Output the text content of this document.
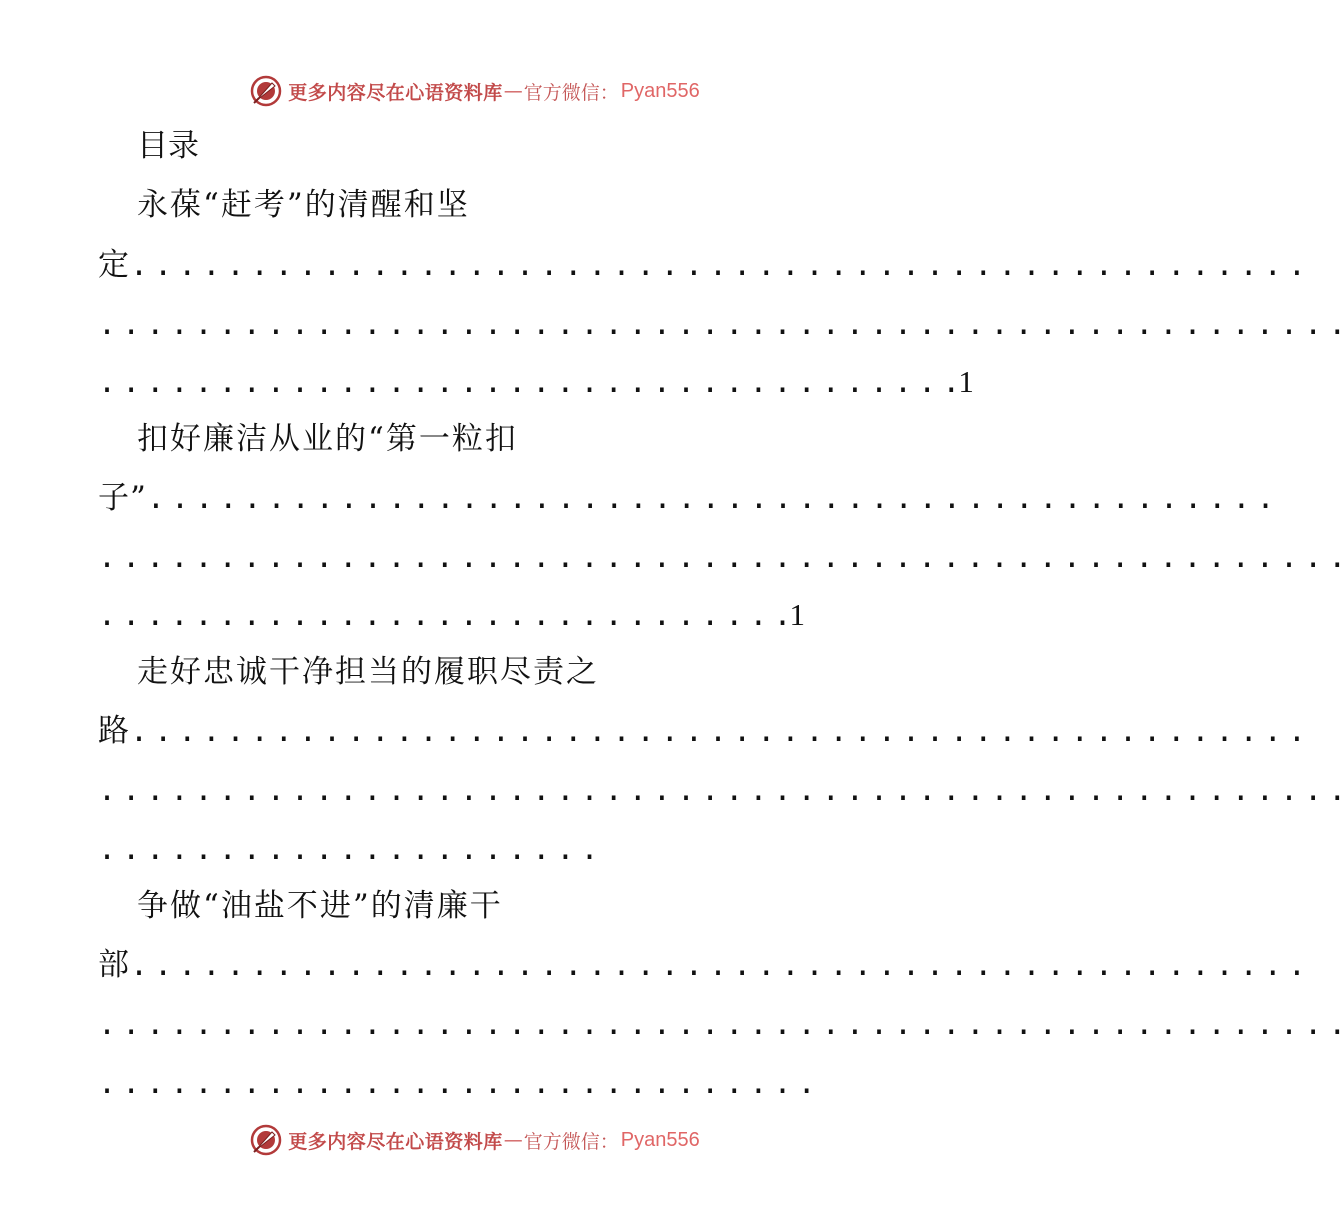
更多内容尽在心语资料库 — 官方微信： Pyan556
目录
永葆“赶考”的清醒和坚
定. . . . . . . . . . . . . . . . . . . . . . . . . . . . . . . . . . . . . . . . . . . . . . . . .
. . . . . . . . . . . . . . . . . . . . . . . . . . . . . . . . . . . . . . . . . . . . . . . . . . . .
. . . . . . . . . . . . . . . . . . . . . . . . . . . . . . . . . . . . 1
扣好廉洁从业的“第一粒扣
子”. . . . . . . . . . . . . . . . . . . . . . . . . . . . . . . . . . . . . . . . . . . . . . .
. . . . . . . . . . . . . . . . . . . . . . . . . . . . . . . . . . . . . . . . . . . . . . . . . . . .
. . . . . . . . . . . . . . . . . . . . . . . . . . . . . 1
走好忠诚干净担当的履职尽责之
路. . . . . . . . . . . . . . . . . . . . . . . . . . . . . . . . . . . . . . . . . . . . . . . . .
. . . . . . . . . . . . . . . . . . . . . . . . . . . . . . . . . . . . . . . . . . . . . . . . . . . .
. . . . . . . . . . . . . . . . . . . . .
争做“油盐不进”的清廉干
部. . . . . . . . . . . . . . . . . . . . . . . . . . . . . . . . . . . . . . . . . . . . . . . . .
. . . . . . . . . . . . . . . . . . . . . . . . . . . . . . . . . . . . . . . . . . . . . . . . . . . .
. . . . . . . . . . . . . . . . . . . . . . . . . . . . . .
更多内容尽在心语资料库 — 官方微信： Pyan556
